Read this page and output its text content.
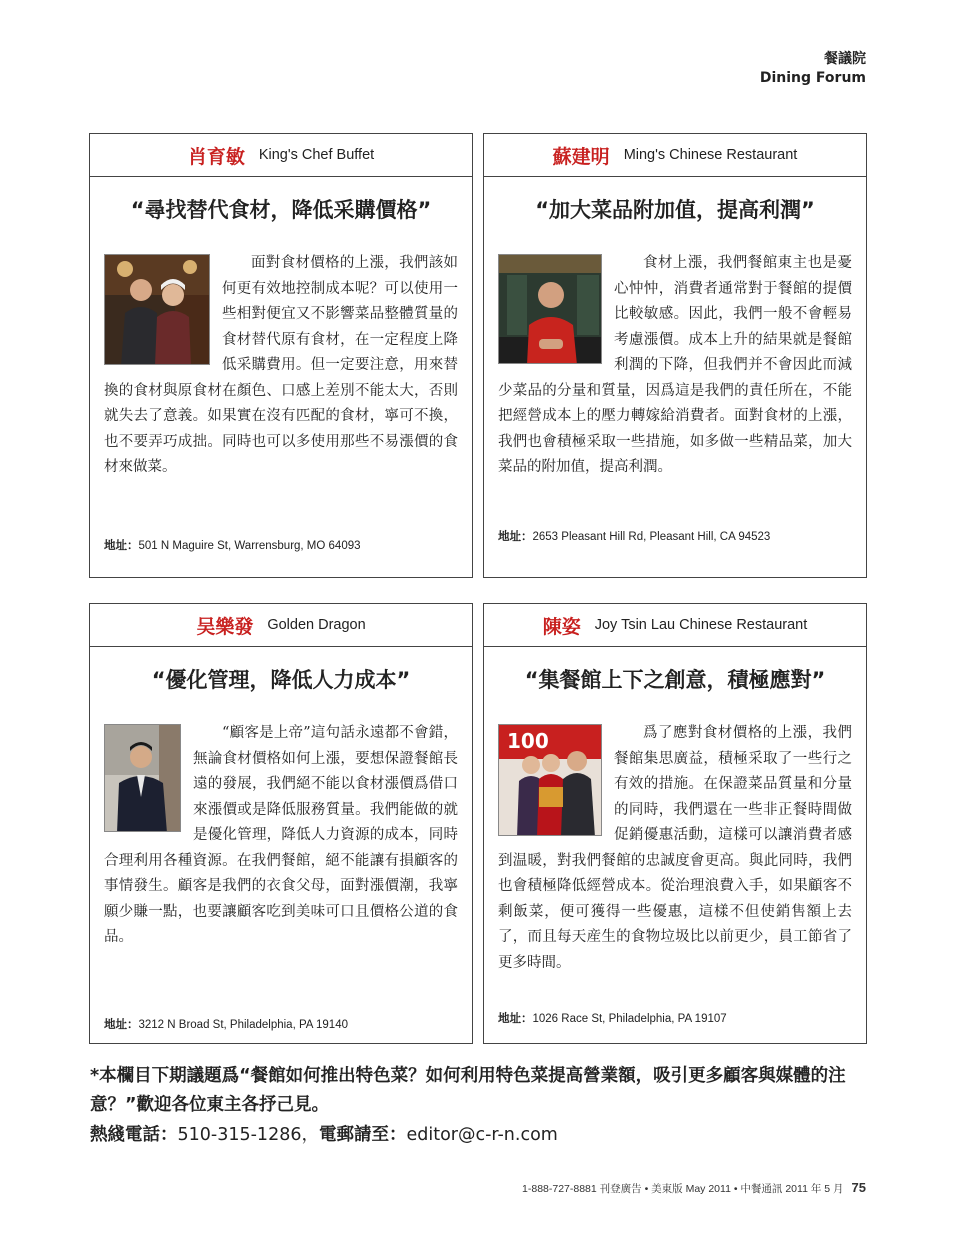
餐議院
Dining Forum
肖育敏 King's Chef Buffet
“尋找替代食材，降低采購價格”

面對食材價格的上漲，我們該如何更有效地控制成本呢？可以使用一些相對便宜又不影響菜品整體質量的食材替代原有食材，在一定程度上降低采購費用。但一定要注意，用來替換的食材與原食材在顏色、口感上差別不能太大，否則就失去了意義。如果實在沒有匹配的食材，寧可不換，也不要弄巧成拙。同時也可以多使用那些不易漲價的食材來做菜。

地址：501 N Maguire St, Warrensburg, MO 64093
蘇建明 Ming's Chinese Restaurant
“加大菜品附加值，提高利潤”

食材上漲，我們餐館東主也是憂心忡忡，消費者通常對于餐館的提價比較敏感。因此，我們一般不會輕易考慮漲價。成本上升的結果就是餐館利潤的下降，但我們并不會因此而減少菜品的分量和質量，因爲這是我們的責任所在，不能把經營成本上的壓力轉嫁給消費者。面對食材的上漲，我們也會積極采取一些措施，如多做一些精品菜，加大菜品的附加值，提高利潤。

地址：2653 Pleasant Hill Rd, Pleasant Hill, CA 94523
吴樂發 Golden Dragon
“優化管理，降低人力成本”

“顧客是上帝”這句話永遠都不會錯，無論食材價格如何上漲，要想保證餐館長遠的發展，我們絕不能以食材漲價爲借口來漲價或是降低服務質量。我們能做的就是優化管理，降低人力資源的成本，同時合理利用各種資源。在我們餐館，絕不能讓有損顧客的事情發生。顧客是我們的衣食父母，面對漲價潮，我寧願少賺一點，也要讓顧客吃到美味可口且價格公道的食品。

地址：3212 N Broad St, Philadelphia, PA 19140
陳姿 Joy Tsin Lau Chinese Restaurant
“集餐館上下之創意，積極應對”
100	爲了應對食材價格的上漲，我們餐館集思廣益，積極采取了一些行之有效的措施。在保證菜品質量和分量的同時，我們還在一些非正餐時間做促銷優惠活動，這樣可以讓消費者感到温暖，對我們餐館的忠誠度會更高。與此同時，我們也會積極降低經營成本。從治理浪費入手，如果顧客不剩飯菜，便可獲得一些優惠，這樣不但使銷售額上去了，而且每天産生的食物垃圾比以前更少，員工節省了更多時間。

地址：1026 Race St, Philadelphia, PA 19107
*本欄目下期議題爲“餐館如何推出特色菜？如何利用特色菜提高營業額，吸引更多顧客與媒體的注意？”歡迎各位東主各抒己見。
熱綫電話：510-315-1286，電郵請至：editor@c-r-n.com
1-888-727-8881 刊登廣告 • 美東版 May 2011 • 中餐通訊 2011 年 5 月 75
